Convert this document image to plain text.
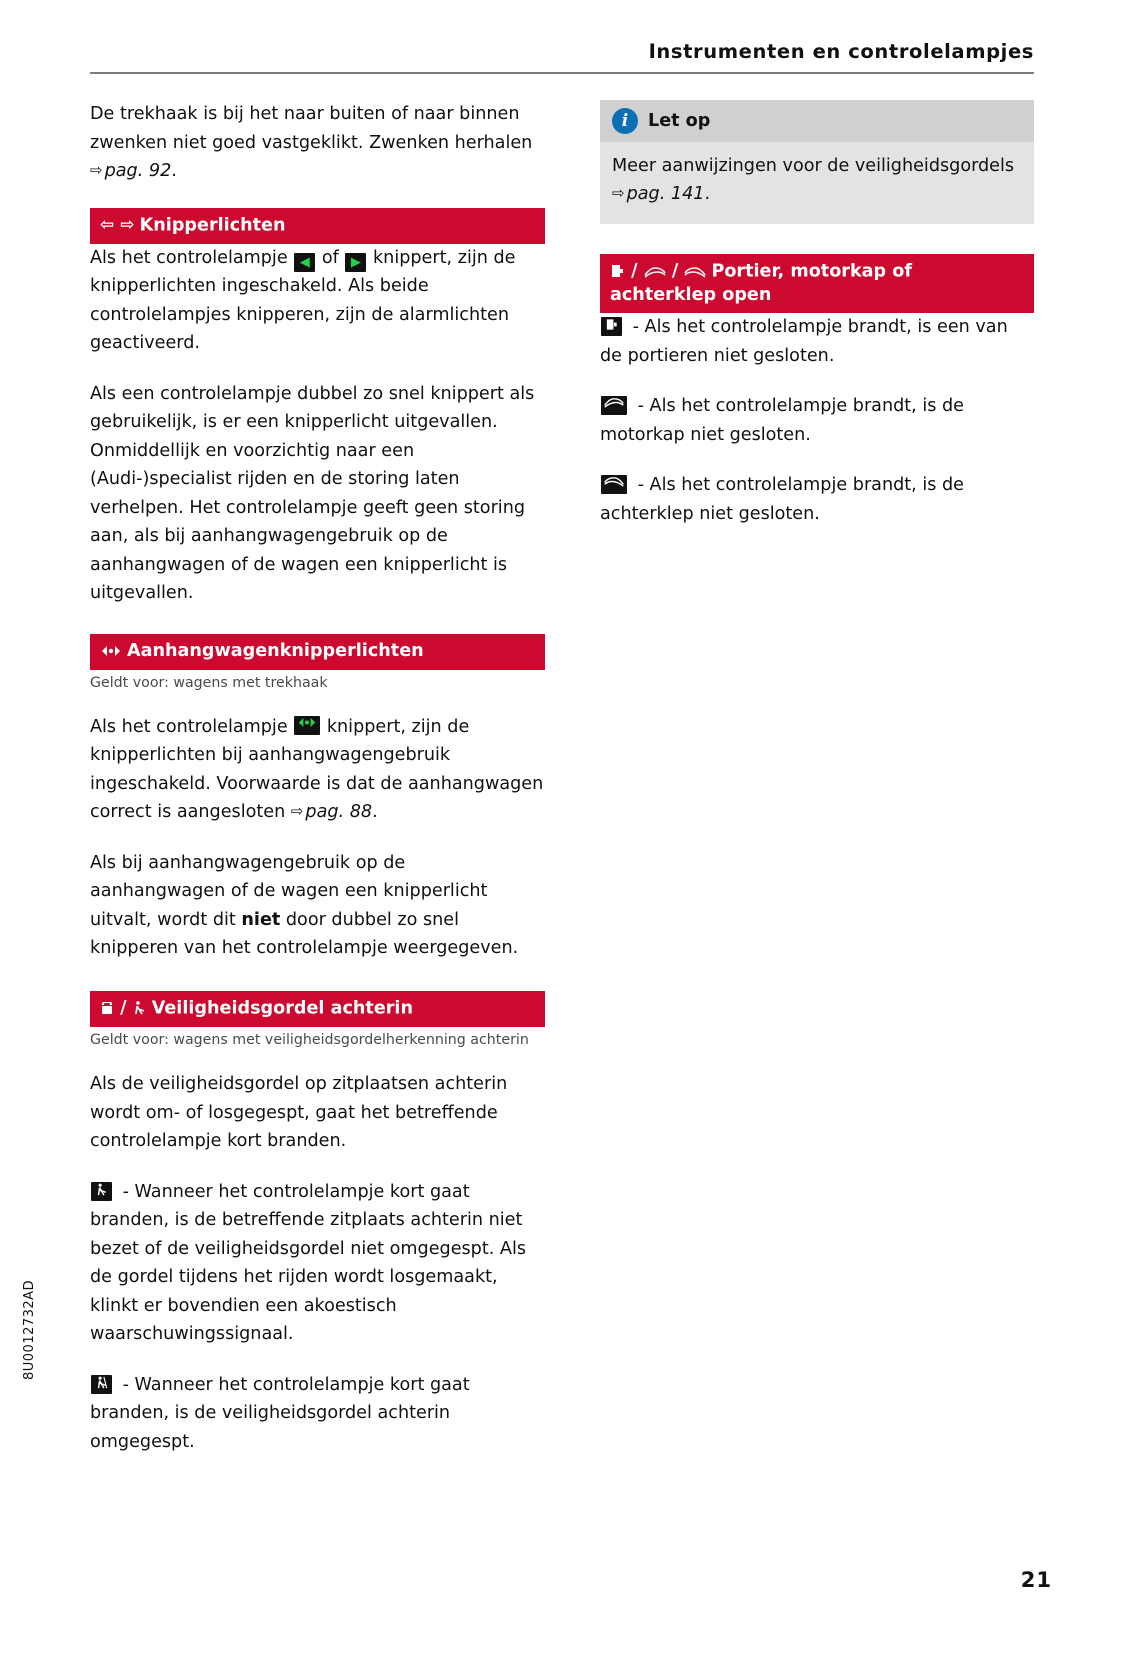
Instrumenten en controlelampjes
8U0012732AD
21

De trekhaak is bij het naar buiten of naar binnen zwenken niet goed vastgeklikt. Zwenken herhalen ⇨ pag. 92.

⇦ ⇨ Knipperlichten

Als het controlelampje ◀ of ▶ knippert, zijn de knipperlichten ingeschakeld. Als beide controlelampjes knipperen, zijn de alarmlichten geactiveerd.

Als een controlelampje dubbel zo snel knippert als gebruikelijk, is er een knipperlicht uitgevallen. Onmiddellijk en voorzichtig naar een (Audi-)specialist rijden en de storing laten verhelpen. Het controlelampje geeft geen storing aan, als bij aanhangwagengebruik op de aanhangwagen of de wagen een knipperlicht is uitgevallen.

Aanhangwagenknipperlichten
Geldt voor: wagens met trekhaak

Als het controlelampje
knippert, zijn de knipperlichten bij aanhangwagengebruik ingeschakeld. Voorwaarde is dat de aanhangwagen correct is aangesloten ⇨ pag. 88.

Als bij aanhangwagengebruik op de aanhangwagen of de wagen een knipperlicht uitvalt, wordt dit niet door dubbel zo snel knipperen van het controlelampje weergegeven.

/ Veiligheidsgordel achterin
Geldt voor: wagens met veiligheidsgordelherkenning achterin

Als de veiligheidsgordel op zitplaatsen achterin wordt om- of losgegespt, gaat het betreffende controlelampje kort branden.

- Wanneer het controlelampje kort gaat branden, is de betreffende zitplaats achterin niet bezet of de veiligheidsgordel niet omgegespt. Als de gordel tijdens het rijden wordt losgemaakt, klinkt er bovendien een akoestisch waarschuwingssignaal.

- Wanneer het controlelampje kort gaat branden, is de veiligheidsgordel achterin omgegespt.

i	Let op
Meer aanwijzingen voor de veiligheidsgordels ⇨ pag. 141.
/ / Portier, motorkap of achterklep open

- Als het controlelampje brandt, is een van de portieren niet gesloten.

- Als het controlelampje brandt, is de motorkap niet gesloten.

- Als het controlelampje brandt, is de achterklep niet gesloten.
